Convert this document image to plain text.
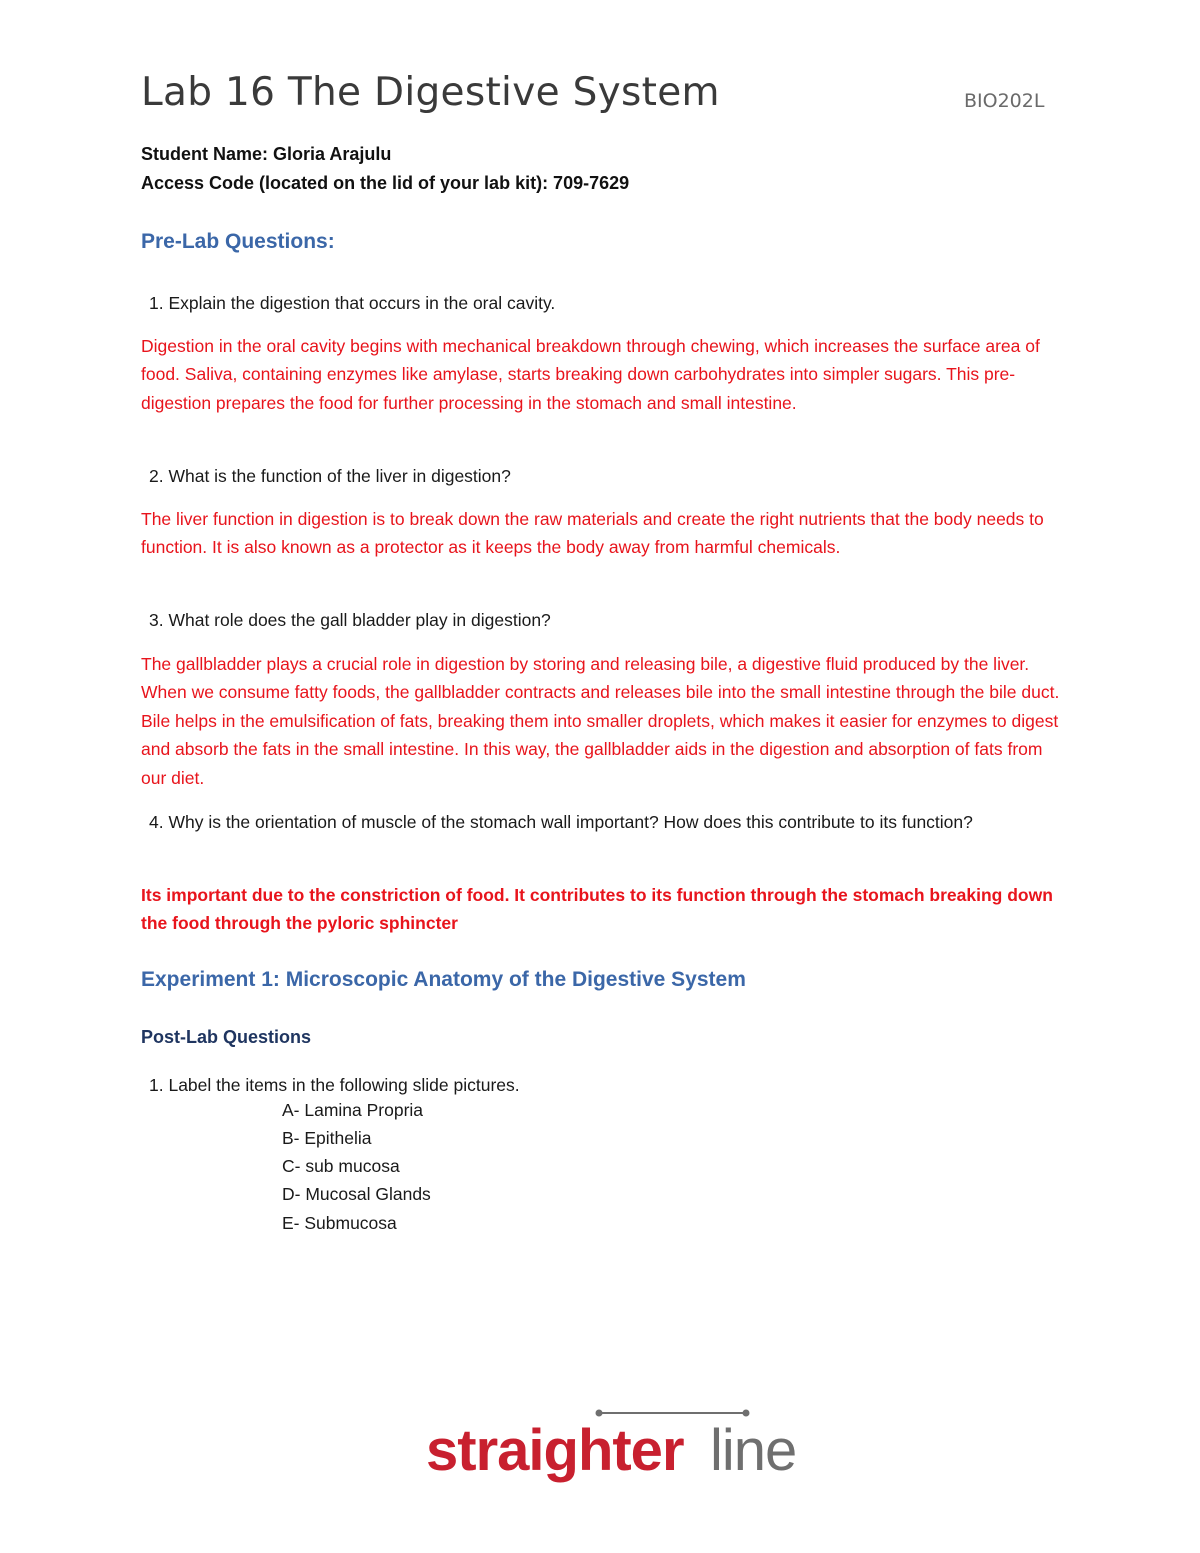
Lab 16 The Digestive System	BIO202L
Student Name: Gloria Arajulu
Access Code (located on the lid of your lab kit): 709-7629
Pre-Lab Questions:
1. Explain the digestion that occurs in the oral cavity.
Digestion in the oral cavity begins with mechanical breakdown through chewing, which increases the surface area of food. Saliva, containing enzymes like amylase, starts breaking down carbohydrates into simpler sugars. This pre-digestion prepares the food for further processing in the stomach and small intestine.
2. What is the function of the liver in digestion?
The liver function in digestion is to break down the raw materials and create the right nutrients that the body needs to function. It is also known as a protector as it keeps the body away from harmful chemicals.
3. What role does the gall bladder play in digestion?
The gallbladder plays a crucial role in digestion by storing and releasing bile, a digestive fluid produced by the liver. When we consume fatty foods, the gallbladder contracts and releases bile into the small intestine through the bile duct. Bile helps in the emulsification of fats, breaking them into smaller droplets, which makes it easier for enzymes to digest and absorb the fats in the small intestine. In this way, the gallbladder aids in the digestion and absorption of fats from our diet.
4. Why is the orientation of muscle of the stomach wall important? How does this contribute to its function?
Its important due to the constriction of food. It contributes to its function through the stomach breaking down the food through the pyloric sphincter
Experiment 1: Microscopic Anatomy of the Digestive System
Post-Lab Questions
1. Label the items in the following slide pictures.
A- Lamina Propria
B- Epithelia
C- sub mucosa
D- Mucosal Glands
E- Submucosa
straighter line
